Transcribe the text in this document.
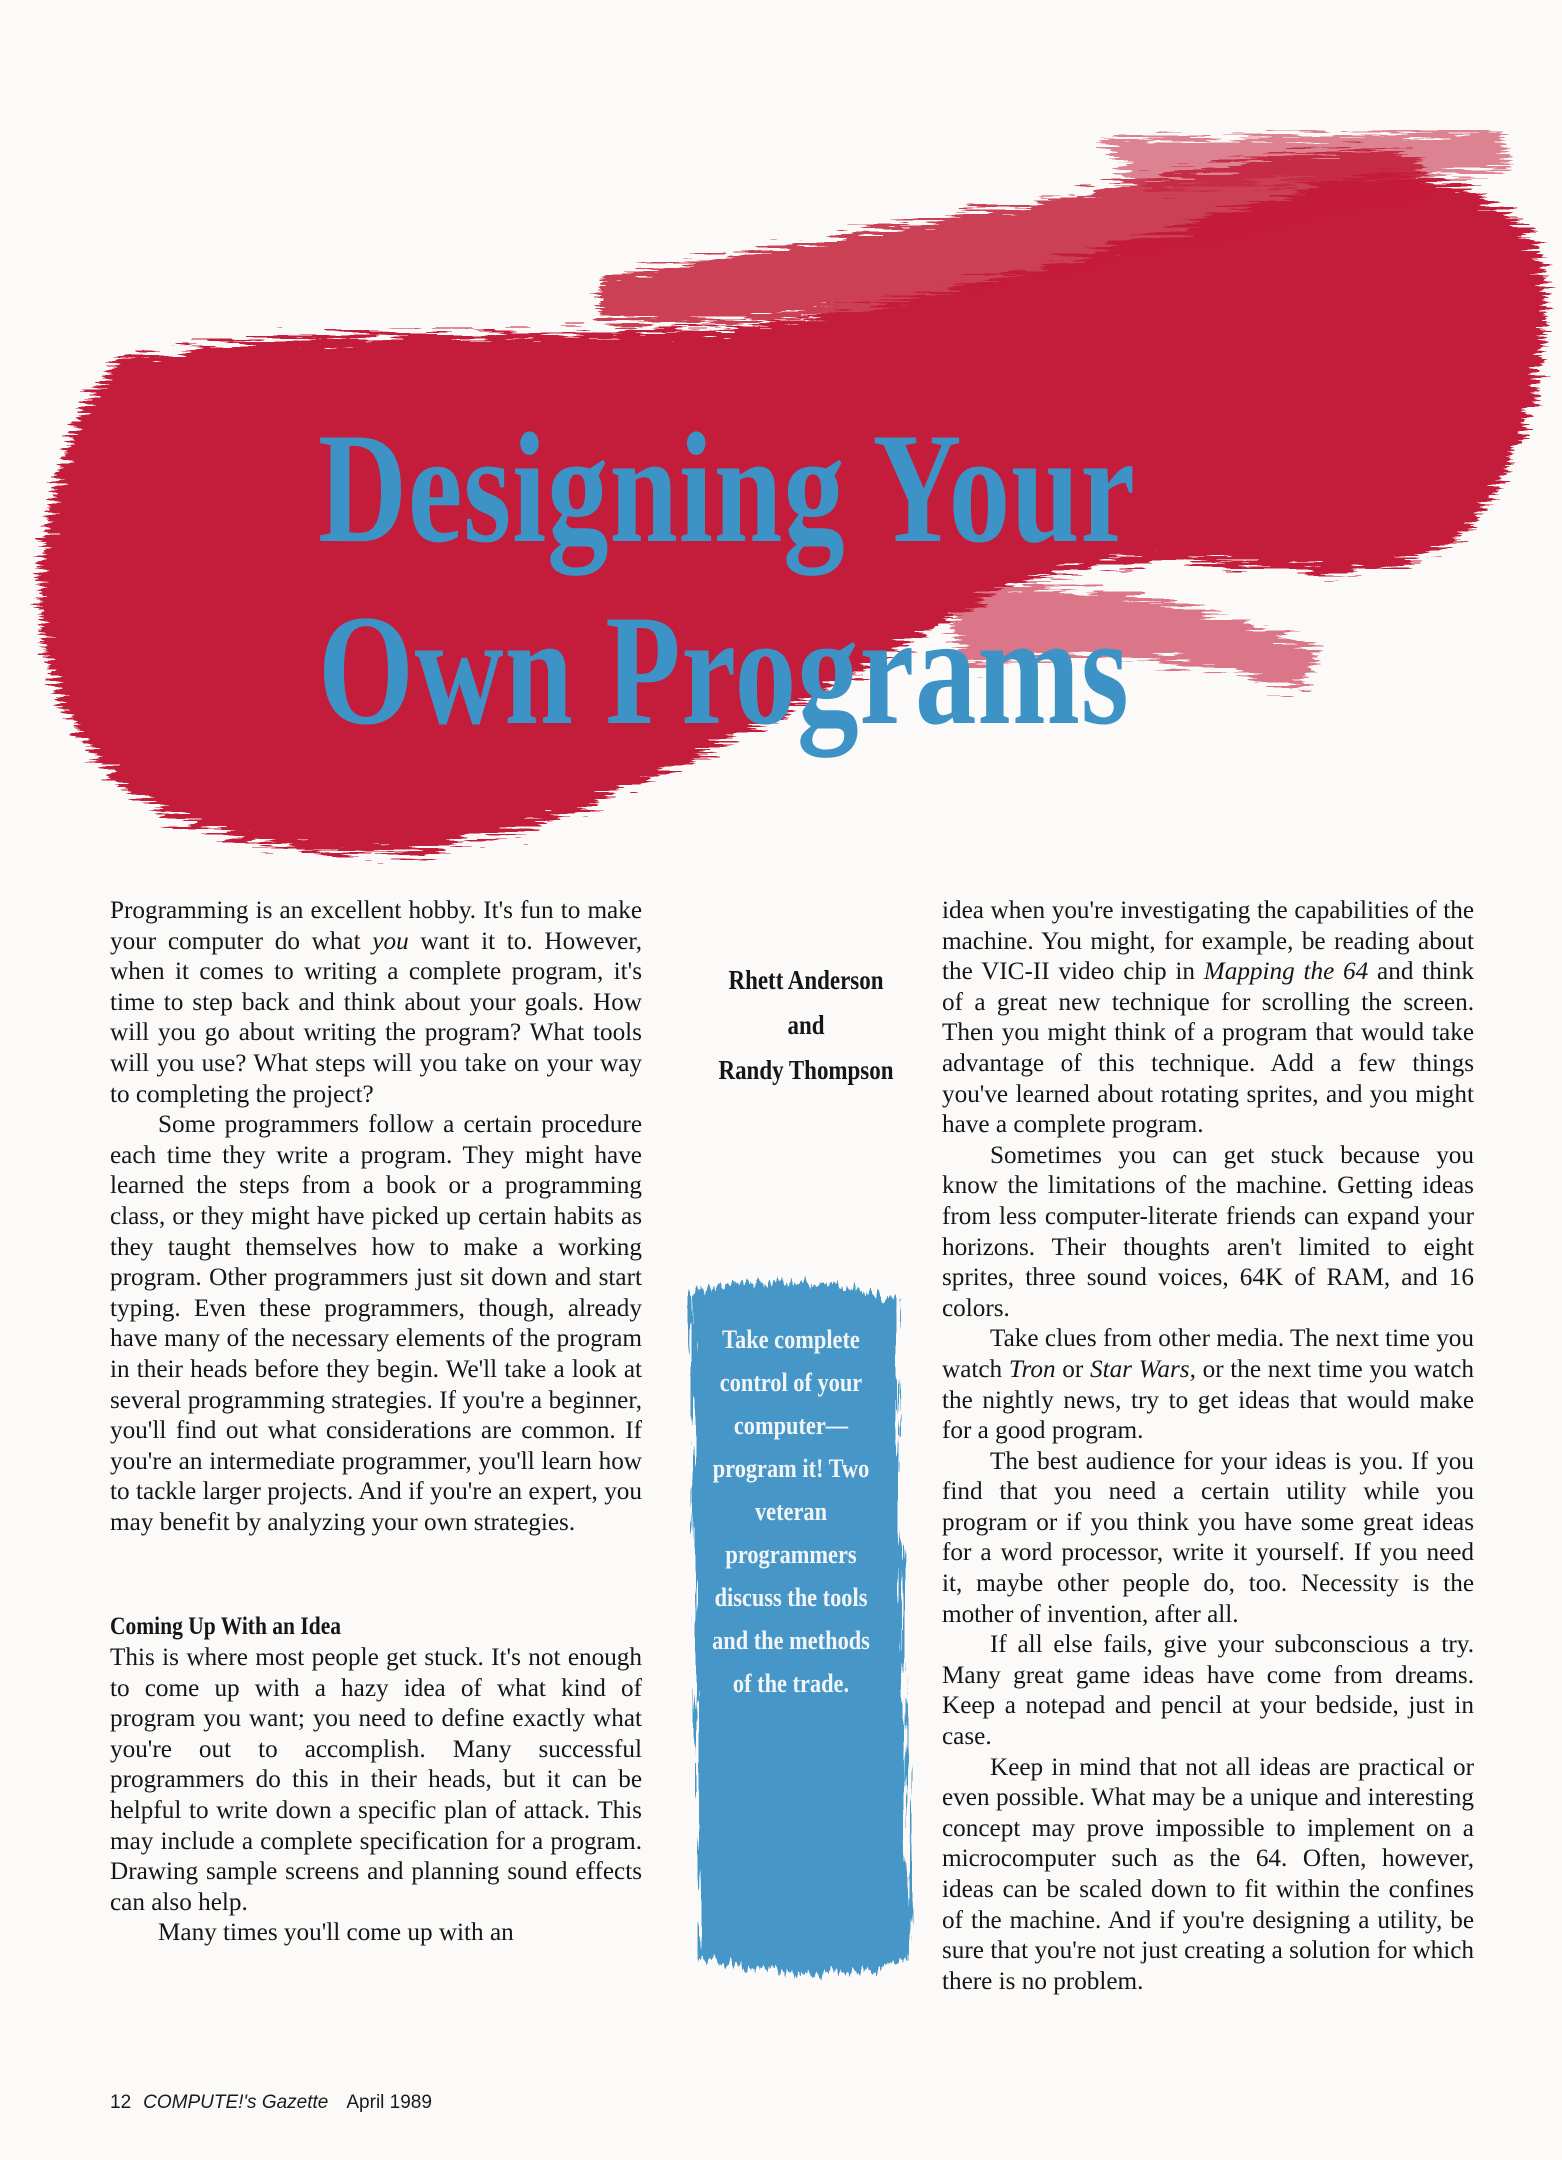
Designing Your
Own Programs

Programming is an excellent hobby. It's fun to make your computer do what you want it to. However, when it comes to writing a complete program, it's time to step back and think about your goals. How will you go about writing the program? What tools will you use? What steps will you take on your way to completing the project?

Some programmers follow a certain procedure each time they write a program. They might have learned the steps from a book or a programming class, or they might have picked up certain habits as they taught themselves how to make a working program. Other programmers just sit down and start typing. Even these programmers, though, already have many of the necessary elements of the program in their heads before they begin. We'll take a look at several programming strategies. If you're a beginner, you'll find out what considerations are common. If you're an intermediate programmer, you'll learn how to tackle larger projects. And if you're an expert, you may benefit by analyzing your own strategies.

Coming Up With an Idea

This is where most people get stuck. It's not enough to come up with a hazy idea of what kind of program you want; you need to define exactly what you're out to accomplish. Many successful programmers do this in their heads, but it can be helpful to write down a specific plan of attack. This may include a complete specification for a program. Drawing sample screens and planning sound effects can also help.

Many times you'll come up with an

Rhett Anderson
and
Randy Thompson
Take complete
control of your
computer—
program it! Two
veteran
programmers
discuss the tools
and the methods
of the trade.

idea when you're investigating the capabilities of the machine. You might, for example, be reading about the VIC-II video chip in Mapping the 64 and think of a great new technique for scrolling the screen. Then you might think of a program that would take advantage of this technique. Add a few things you've learned about rotating sprites, and you might have a complete program.

Sometimes you can get stuck because you know the limitations of the machine. Getting ideas from less computer-literate friends can expand your horizons. Their thoughts aren't limited to eight sprites, three sound voices, 64K of RAM, and 16 colors.

Take clues from other media. The next time you watch Tron or Star Wars, or the next time you watch the nightly news, try to get ideas that would make for a good program.

The best audience for your ideas is you. If you find that you need a certain utility while you program or if you think you have some great ideas for a word processor, write it yourself. If you need it, maybe other people do, too. Necessity is the mother of invention, after all.

If all else fails, give your subconscious a try. Many great game ideas have come from dreams. Keep a notepad and pencil at your bedside, just in case.

Keep in mind that not all ideas are practical or even possible. What may be a unique and interesting concept may prove impossible to implement on a microcomputer such as the 64. Often, however, ideas can be scaled down to fit within the confines of the machine. And if you're designing a utility, be sure that you're not just creating a solution for which there is no problem.

12 COMPUTE!'s Gazette April 1989
